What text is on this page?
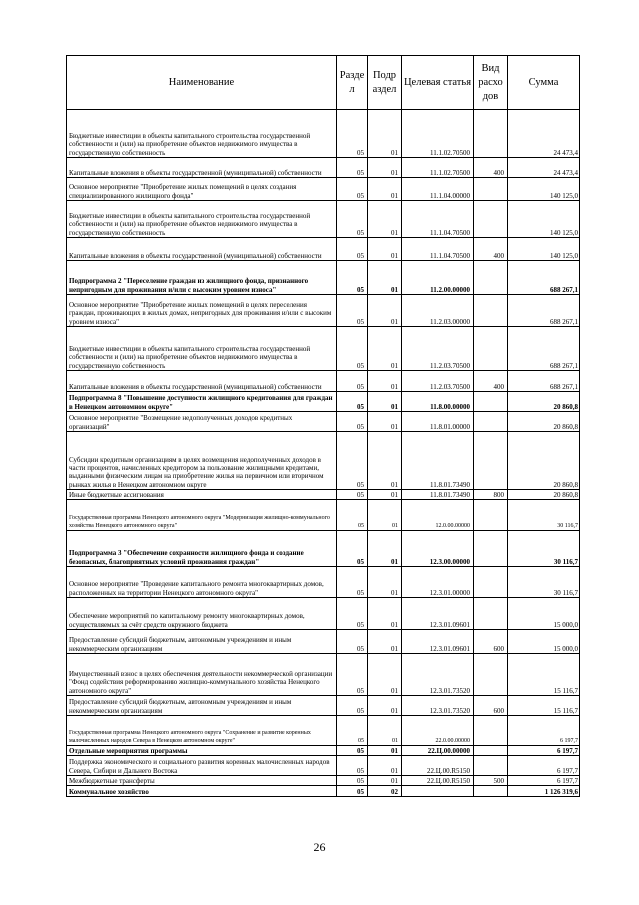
Наименование	Разде л	Подр аздел	Целевая статья	Вид расхо дов	Сумма
Бюджетные инвестиции в объекты капитального строительства государственной собственности и (или) на приобретение объектов недвижимого имущества в государственную собственность	05	01	11.1.02.70500		24 473,4
Капитальные вложения в объекты государственной (муниципальной) собственности	05	01	11.1.02.70500	400	24 473,4
Основное мероприятие "Приобретение жилых помещений в целях создания специализированного жилищного фонда"	05	01	11.1.04.00000		140 125,0
Бюджетные инвестиции в объекты капитального строительства государственной собственности и (или) на приобретение объектов недвижимого имущества в государственную собственность	05	01	11.1.04.70500		140 125,0
Капитальные вложения в объекты государственной (муниципальной) собственности	05	01	11.1.04.70500	400	140 125,0
Подпрограмма 2 "Переселение граждан из жилищного фонда, признанного непригодным для проживания и/или с высоким уровнем износа"	05	01	11.2.00.00000		688 267,1
Основное мероприятие "Приобретение жилых помещений в целях переселения граждан, проживающих в жилых домах, непригодных для проживания и/или с высоким уровнем износа"	05	01	11.2.03.00000		688 267,1
Бюджетные инвестиции в объекты капитального строительства государственной собственности и (или) на приобретение объектов недвижимого имущества в государственную собственность	05	01	11.2.03.70500		688 267,1
Капитальные вложения в объекты государственной (муниципальной) собственности	05	01	11.2.03.70500	400	688 267,1
Подпрограмма 8 "Повышение доступности жилищного кредитования для граждан в Ненецком автономном округе"	05	01	11.8.00.00000		20 860,8
Основное мероприятие "Возмещение недополученных доходов кредитных организаций"	05	01	11.8.01.00000		20 860,8
Субсидии кредитным организациям в целях возмещения недополученных доходов в части процентов, начисленных кредитором за пользование жилищными кредитами, выданными физическим лицам на приобретение жилья на первичном или вторичном рынках жилья в Ненецком автономном округе	05	01	11.8.01.73490		20 860,8
Иные бюджетные ассигнования	05	01	11.8.01.73490	800	20 860,8
Государственная программа Ненецкого автономного округа "Модернизация жилищно-коммунального хозяйства Ненецкого автономного округа"	05	01	12.0.00.00000		30 116,7
Подпрограмма 3 "Обеспечение сохранности жилищного фонда и создание безопасных, благоприятных условий проживания граждан"	05	01	12.3.00.00000		30 116,7
Основное мероприятие "Проведение капитального ремонта многоквартирных домов, расположенных на территории Ненецкого автономного округа"	05	01	12.3.01.00000		30 116,7
Обеспечение мероприятий по капитальному ремонту многоквартирных домов, осуществляемых за счёт средств окружного бюджета	05	01	12.3.01.09601		15 000,0
Предоставление субсидий бюджетным, автономным учреждениям и иным некоммерческим организациям	05	01	12.3.01.09601	600	15 000,0
Имущественный взнос в целях обеспечения деятельности некоммерческой организации "Фонд содействия реформированию жилищно-коммунального хозяйства Ненецкого автономного округа"	05	01	12.3.01.73520		15 116,7
Предоставление субсидий бюджетным, автономным учреждениям и иным некоммерческим организациям	05	01	12.3.01.73520	600	15 116,7
Государственная программа Ненецкого автономного округа "Сохранение и развитие коренных малочисленных народов Севера в Ненецком автономном округе"	05	01	22.0.00.00000		6 197,7
Отдельные мероприятия программы	05	01	22.Ц.00.00000		6 197,7
Поддержка экономического и социального развития коренных малочисленных народов Севера, Сибири и Дальнего Востока	05	01	22.Ц.00.R5150		6 197,7
Межбюджетные трансферты	05	01	22.Ц.00.R5150	500	6 197,7
Коммунальное хозяйство	05	02			1 126 319,6
26
